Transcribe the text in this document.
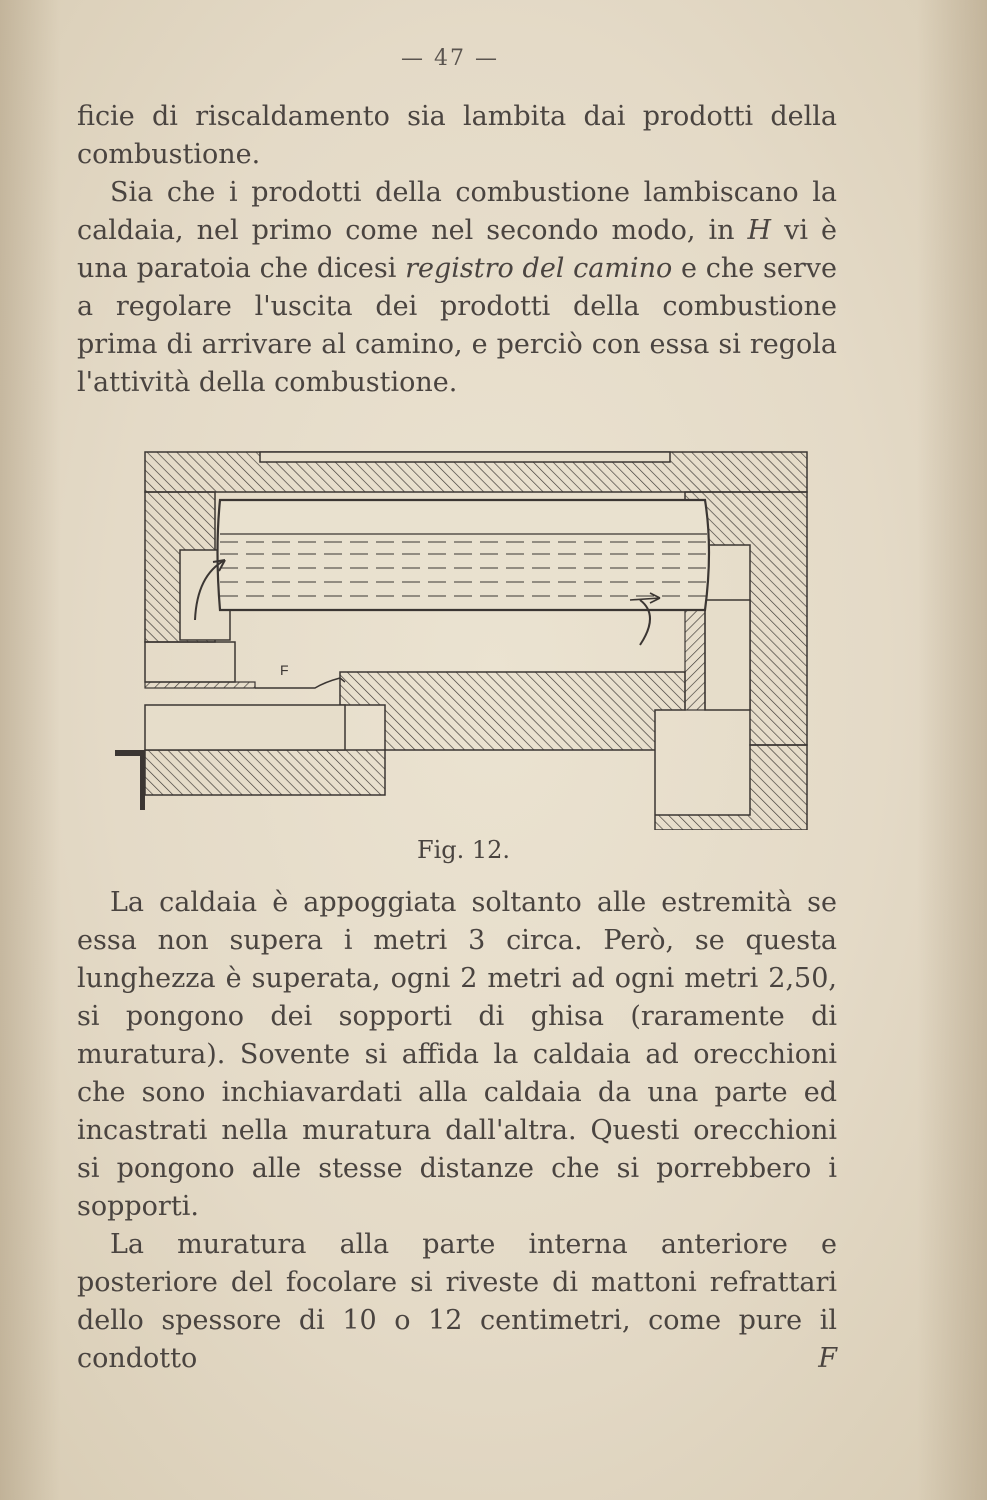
— 47 —

ficie di riscaldamento sia lambita dai prodotti della combustione.

Sia che i prodotti della combustione lambiscano la caldaia, nel primo come nel secondo modo, in H vi è una paratoia che dicesi registro del camino e che serve a regolare l'uscita dei prodotti della combustione prima di arrivare al camino, e perciò con essa si regola l'attività della combustione.

F
Fig. 12.

La caldaia è appoggiata soltanto alle estremità se essa non supera i metri 3 circa. Però, se questa lunghezza è superata, ogni 2 metri ad ogni metri 2,50, si pongono dei sopporti di ghisa (raramente di muratura). Sovente si affida la caldaia ad orecchioni che sono inchiavardati alla caldaia da una parte ed incastrati nella muratura dall'altra. Questi orecchioni si pongono alle stesse distanze che si porrebbero i sopporti.

La muratura alla parte interna anteriore e posteriore del focolare si riveste di mattoni refrattari dello spessore di 10 o 12 centimetri, come pure il condotto F
